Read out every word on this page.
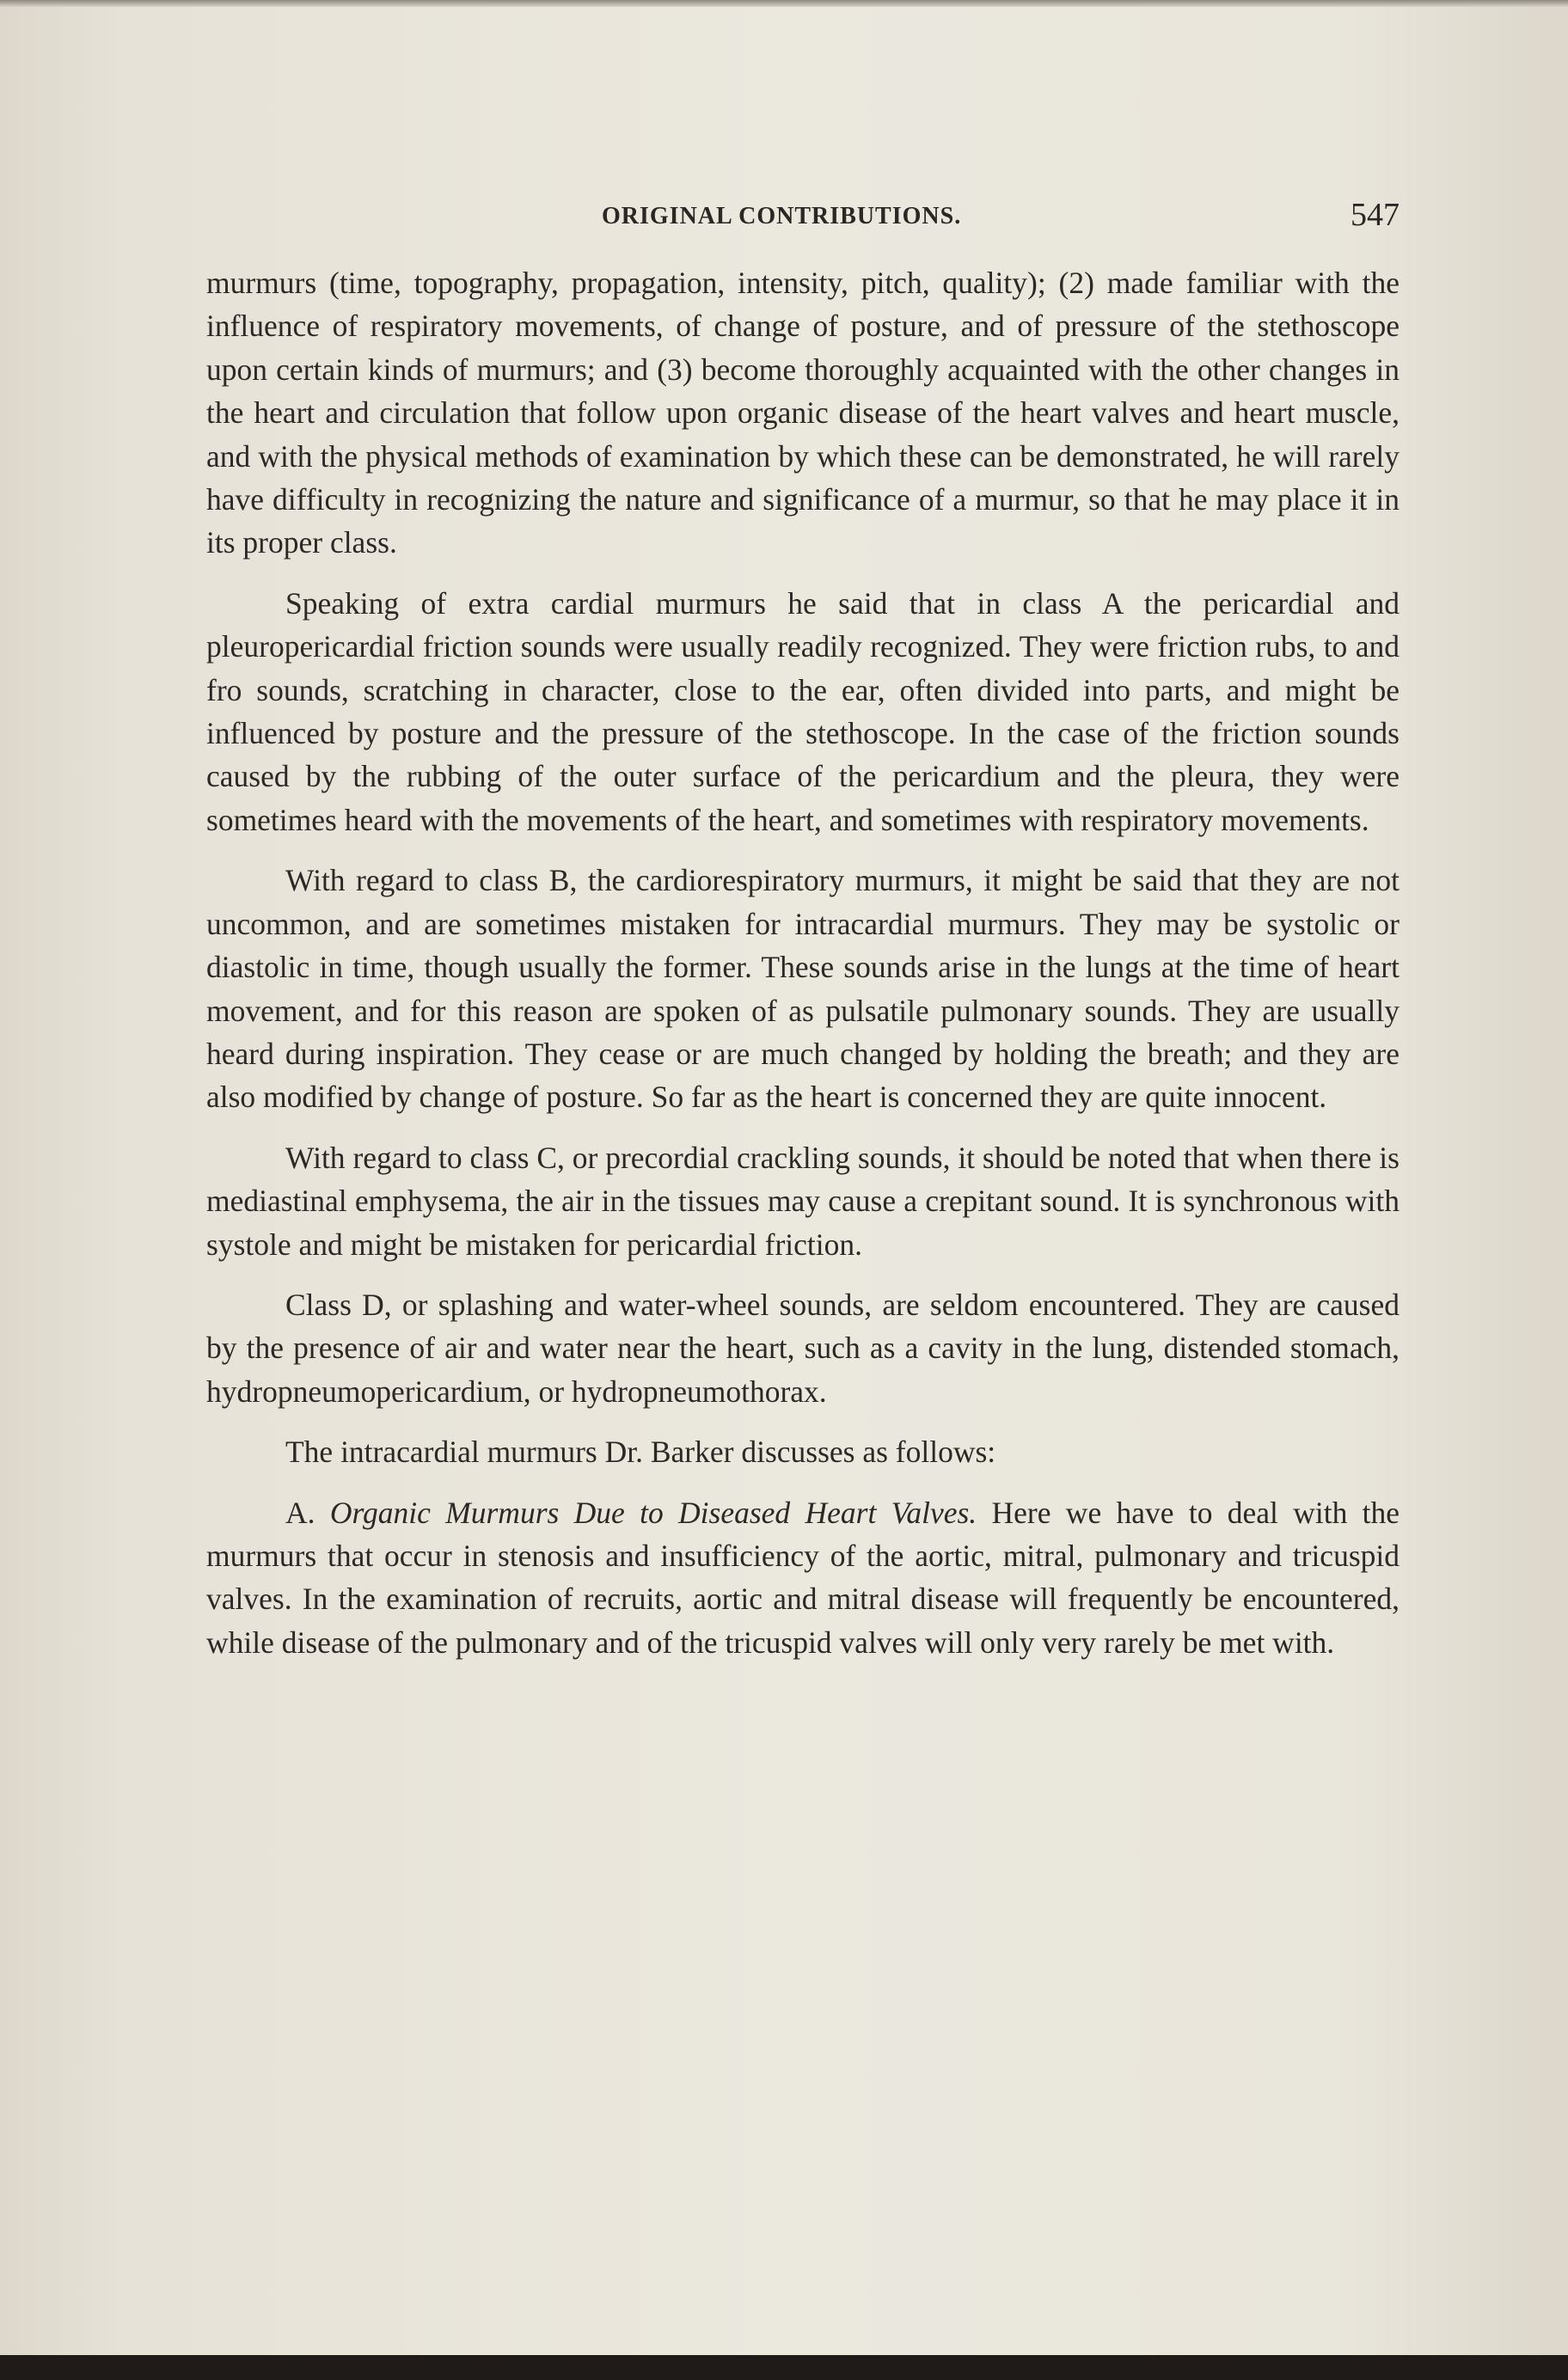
ORIGINAL CONTRIBUTIONS.	547

murmurs (time, topography, propagation, intensity, pitch, quality); (2) made familiar with the influence of respiratory movements, of change of posture, and of pressure of the stethoscope upon certain kinds of murmurs; and (3) become thoroughly acquainted with the other changes in the heart and circulation that follow upon organic disease of the heart valves and heart muscle, and with the physical methods of examination by which these can be demonstrated, he will rarely have difficulty in recognizing the nature and significance of a murmur, so that he may place it in its proper class.

Speaking of extra cardial murmurs he said that in class A the pericardial and pleuropericardial friction sounds were usually readily recognized. They were friction rubs, to and fro sounds, scratching in character, close to the ear, often divided into parts, and might be influenced by posture and the pressure of the stethoscope. In the case of the friction sounds caused by the rubbing of the outer surface of the pericardium and the pleura, they were sometimes heard with the movements of the heart, and sometimes with respiratory movements.

With regard to class B, the cardiorespiratory murmurs, it might be said that they are not uncommon, and are sometimes mistaken for intracardial murmurs. They may be systolic or diastolic in time, though usually the former. These sounds arise in the lungs at the time of heart movement, and for this reason are spoken of as pulsatile pulmonary sounds. They are usually heard during inspiration. They cease or are much changed by holding the breath; and they are also modified by change of posture. So far as the heart is concerned they are quite innocent.

With regard to class C, or precordial crackling sounds, it should be noted that when there is mediastinal emphysema, the air in the tissues may cause a crepitant sound. It is synchronous with systole and might be mistaken for pericardial friction.

Class D, or splashing and water-wheel sounds, are seldom encountered. They are caused by the presence of air and water near the heart, such as a cavity in the lung, distended stomach, hydropneumopericardium, or hydropneumothorax.

The intracardial murmurs Dr. Barker discusses as follows:

A. Organic Murmurs Due to Diseased Heart Valves. Here we have to deal with the murmurs that occur in stenosis and insufficiency of the aortic, mitral, pulmonary and tricuspid valves. In the examination of recruits, aortic and mitral disease will frequently be encountered, while disease of the pulmonary and of the tricuspid valves will only very rarely be met with.
